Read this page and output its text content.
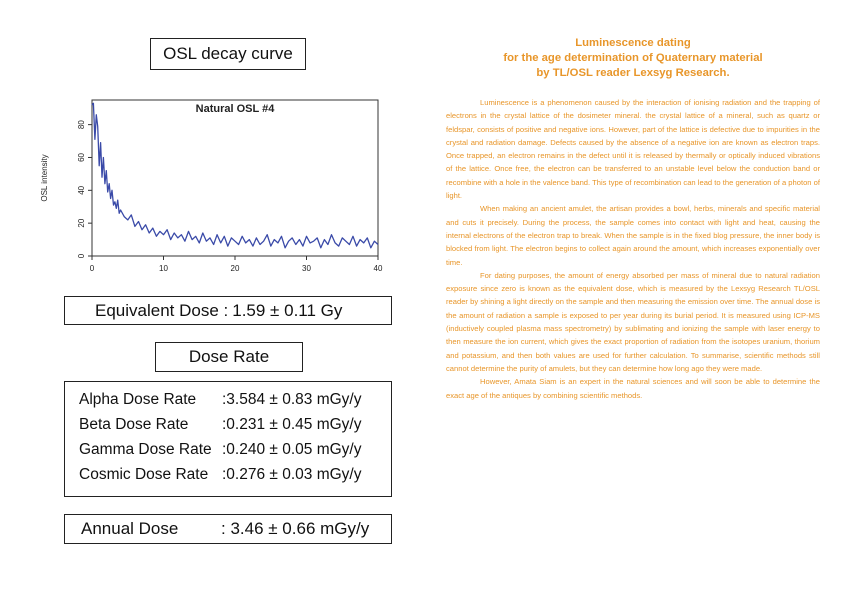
OSL decay curve
Natural OSL #4
OSL intensity
0
20
40
60
80
0	10	20	30	40
Equivalent Dose : 1.59 ± 0.11 Gy
Dose Rate
Alpha Dose Rate :3.584 ± 0.83 mGy/y
Beta Dose Rate :0.231 ± 0.45 mGy/y
Gamma Dose Rate :0.240 ± 0.05 mGy/y
Cosmic Dose Rate :0.276 ± 0.03 mGy/y
Annual Dose	: 3.46 ± 0.66 mGy/y
Luminescence dating
for the age determination of Quaternary material
by TL/OSL reader Lexsyg Research.

Luminescence is a phenomenon caused by the interaction of ionising radiation and the trapping of electrons in the crystal lattice of the dosimeter mineral. the crystal lattice of a mineral, such as quartz or feldspar, consists of positive and negative ions. However, part of the lattice is defective due to impurities in the crystal and radiation damage. Defects caused by the absence of a negative ion are known as electron traps. Once trapped, an electron remains in the defect until it is released by thermally or optically induced vibrations of the lattice. Once free, the electron can be transferred to an unstable level below the conduction band or recombine with a hole in the valence band. This type of recombination can lead to the generation of a photon of light.

When making an ancient amulet, the artisan provides a bowl, herbs, minerals and specific material and cuts it precisely. During the process, the sample comes into contact with light and heat, causing the internal electrons of the electron trap to break. When the sample is in the fixed blog pressure, the inner body is blocked from light. The electron begins to collect again around the amount, which increases exponentially over time.

For dating purposes, the amount of energy absorbed per mass of mineral due to natural radiation exposure since zero is known as the equivalent dose, which is measured by the Lexsyg Research TL/OSL reader by shining a light directly on the sample and then measuring the emission over time. The annual dose is the amount of radiation a sample is exposed to per year during its burial period. It is measured using ICP-MS (inductively coupled plasma mass spectrometry) by sublimating and ionizing the sample with laser energy to then measure the ion current, which gives the exact proportion of radiation from the isotopes uranium, thorium and potassium, and then both values are used for further calculation. To summarise, scientific methods still cannot determine the purity of amulets, but they can determine how long ago they were made.

However, Amata Siam is an expert in the natural sciences and will soon be able to determine the exact age of the antiques by combining scientific methods.
